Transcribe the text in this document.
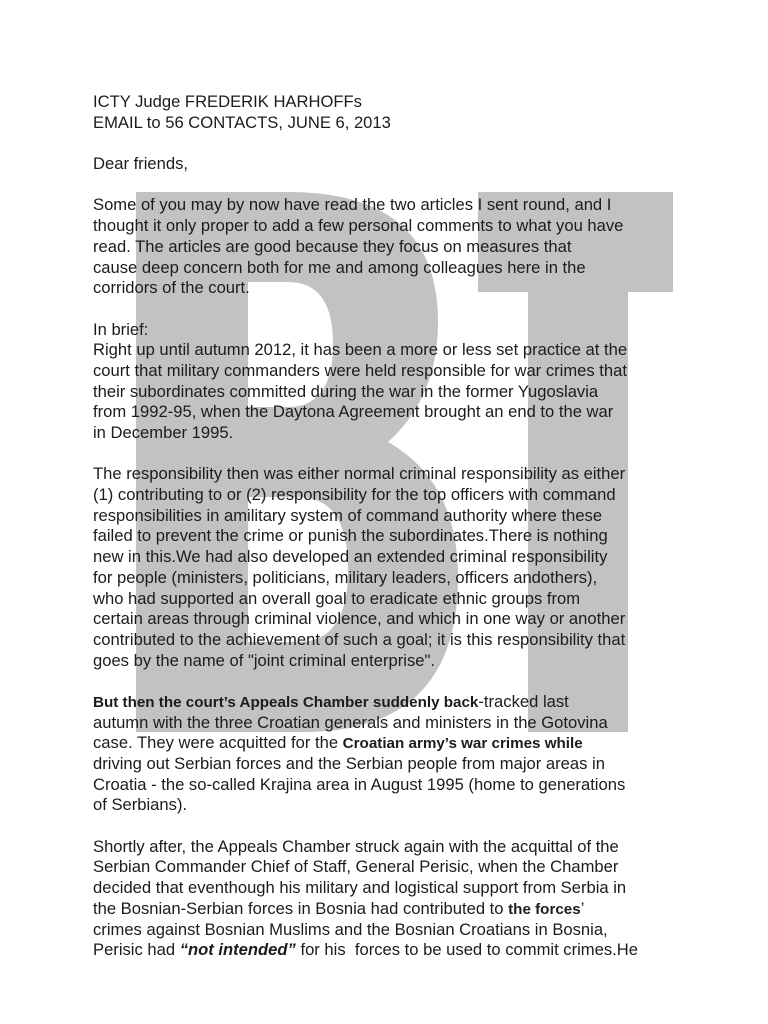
ICTY Judge FREDERIK HARHOFFs
EMAIL to 56 CONTACTS, JUNE 6, 2013
Dear friends,
Some of you may by now have read the two articles I sent round, and I
thought it only proper to add a few personal comments to what you have
read. The articles are good because they focus on measures that
cause deep concern both for me and among colleagues here in the
corridors of the court.
In brief:
Right up until autumn 2012, it has been a more or less set practice at the
court that military commanders were held responsible for war crimes that
their subordinates committed during the war in the former Yugoslavia
from 1992-95, when the Daytona Agreement brought an end to the war
in December 1995.
The responsibility then was either normal criminal responsibility as either
(1) contributing to or (2) responsibility for the top officers with command
responsibilities in amilitary system of command authority where these
failed to prevent the crime or punish the subordinates.There is nothing
new in this.We had also developed an extended criminal responsibility
for people (ministers, politicians, military leaders, officers andothers),
who had supported an overall goal to eradicate ethnic groups from
certain areas through criminal violence, and which in one way or another
contributed to the achievement of such a goal; it is this responsibility that
goes by the name of "joint criminal enterprise".
But then the court’s Appeals Chamber suddenly back-tracked last
autumn with the three Croatian generals and ministers in the Gotovina
case. They were acquitted for the Croatian army’s war crimes while
driving out Serbian forces and the Serbian people from major areas in
Croatia - the so-called Krajina area in August 1995 (home to generations
of Serbians).
Shortly after, the Appeals Chamber struck again with the acquittal of the
Serbian Commander Chief of Staff, General Perisic, when the Chamber
decided that eventhough his military and logistical support from Serbia in
the Bosnian-Serbian forces in Bosnia had contributed to the forces’
crimes against Bosnian Muslims and the Bosnian Croatians in Bosnia,
Perisic had “not intended” for his  forces to be used to commit crimes.He
